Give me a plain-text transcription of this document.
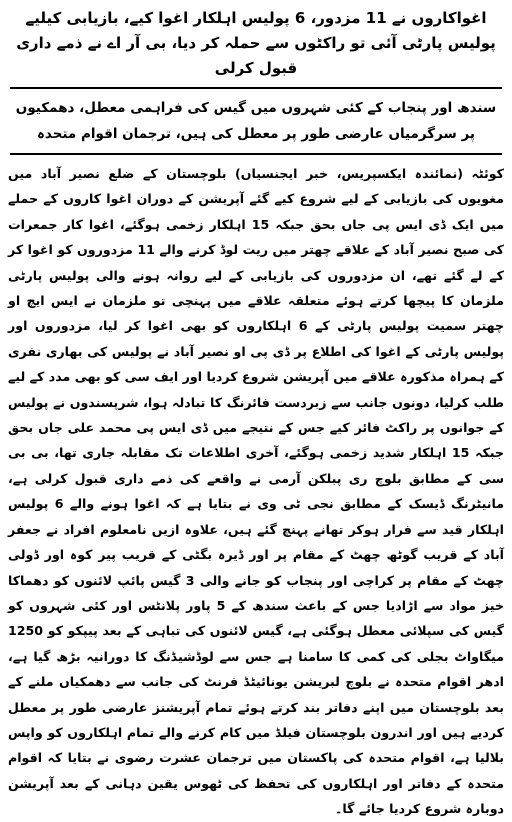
اغواکاروں نے 11 مزدور، 6 پولیس اہلکار اغوا کیے، بازیابی کیلیے پولیس پارٹی آئی تو راکٹوں سے حملہ کر دیا، بی آر اے نے ذمے داری قبول کرلی
سندھ اور پنجاب کے کئی شہروں میں گیس کی فراہمی معطل، دھمکیوں پر سرگرمیاں عارضی طور پر معطل کی ہیں، ترجمان اقوام متحدہ

کوئٹہ (نمائندہ ایکسپریس، خبر ایجنسیاں) بلوچستان کے ضلع نصیر آباد میں مغویوں کی بازیابی کے لیے شروع کیے گئے آپریشن کے دوران اغوا کاروں کے حملے میں ایک ڈی ایس پی جاں بحق جبکہ 15 اہلکار زخمی ہوگئے، اغوا کار جمعرات کی صبح نصیر آباد کے علاقے چھتر میں ریت لوڈ کرنے والے 11 مزدوروں کو اغوا کر کے لے گئے تھے، ان مزدوروں کی بازیابی کے لیے روانہ ہونے والی پولیس پارٹی ملزمان کا پیچھا کرتے ہوئے متعلقہ علاقے میں پہنچی تو ملزمان نے ایس ایچ او چھتر سمیت پولیس پارٹی کے 6 اہلکاروں کو بھی اغوا کر لیا، مزدوروں اور پولیس پارٹی کے اغوا کی اطلاع پر ڈی پی او نصیر آباد نے پولیس کی بھاری نفری کے ہمراہ مذکورہ علاقے میں آپریشن شروع کردیا اور ایف سی کو بھی مدد کے لیے طلب کرلیا، دونوں جانب سے زبردست فائرنگ کا تبادلہ ہوا، شرپسندوں نے پولیس کے جوانوں پر راکٹ فائر کیے جس کے نتیجے میں ڈی ایس پی محمد علی جاں بحق جبکہ 15 اہلکار شدید زخمی ہوگئے، آخری اطلاعات تک مقابلہ جاری تھا، بی بی سی کے مطابق بلوچ ری پبلکن آرمی نے واقعے کی ذمے داری قبول کرلی ہے، مانیٹرنگ ڈیسک کے مطابق نجی ٹی وی نے بتایا ہے کہ اغوا ہونے والے 6 پولیس اہلکار قید سے فرار ہوکر تھانے پہنچ گئے ہیں، علاوہ ازیں نامعلوم افراد نے جعفر آباد کے قریب گوٹھ چھٹ کے مقام پر اور ڈیرہ بگٹی کے قریب پیر کوہ اور ڈولی چھٹ کے مقام پر کراچی اور پنجاب کو جانے والی 3 گیس پائپ لائنوں کو دھماکا خیز مواد سے اڑادیا جس کے باعث سندھ کے 5 پاور پلانٹس اور کئی شہروں کو گیس کی سپلائی معطل ہوگئی ہے، گیس لائنوں کی تباہی کے بعد پیپکو کو 1250 میگاواٹ بجلی کی کمی کا سامنا ہے جس سے لوڈشیڈنگ کا دورانیہ بڑھ گیا ہے، ادھر اقوام متحدہ نے بلوچ لبریشن یونائیٹڈ فرنٹ کی جانب سے دھمکیاں ملنے کے بعد بلوچستان میں اپنے دفاتر بند کرتے ہوئے تمام آپریشنز عارضی طور پر معطل کردیے ہیں اور اندرون بلوچستان فیلڈ میں کام کرنے والے تمام اہلکاروں کو واپس بلالیا ہے، اقوام متحدہ کی پاکستان میں ترجمان عشرت رضوی نے بتایا کہ اقوام متحدہ کے دفاتر اور اہلکاروں کی تحفظ کی ٹھوس یقین دہانی کے بعد آپریشن دوبارہ شروع کردیا جائے گا۔
